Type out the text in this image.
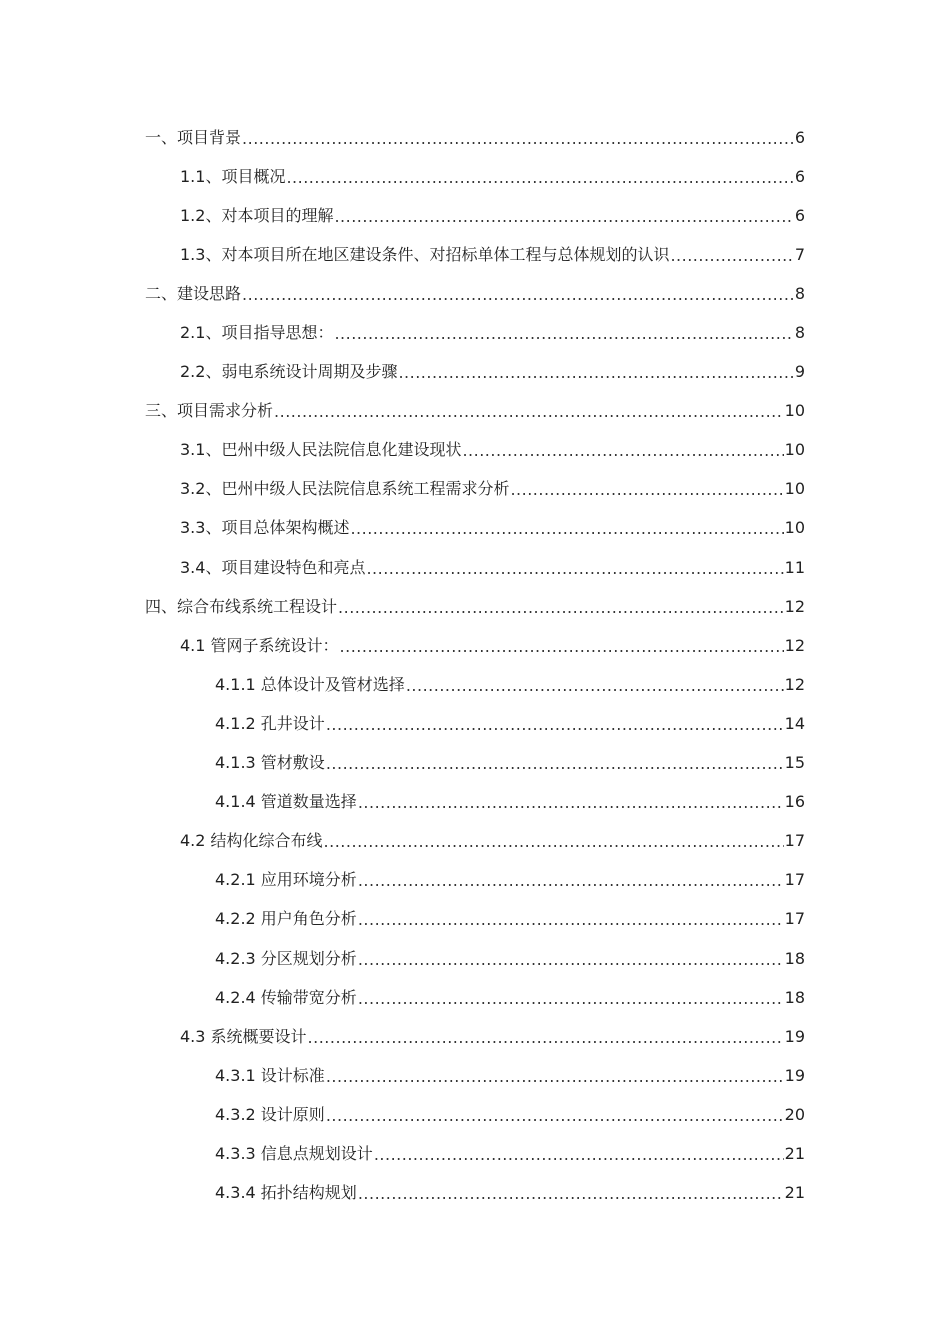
一、项目背景 .....	6
1.1、项目概况 .....	6
1.2、对本项目的理解 .....	6
1.3、对本项目所在地区建设条件、对招标单体工程与总体规划的认识 .....	7
二、建设思路 .....	8
2.1、项目指导思想： .....	8
2.2、弱电系统设计周期及步骤 .....	9
三、项目需求分析 .....	10
3.1、巴州中级人民法院信息化建设现状 .....	10
3.2、巴州中级人民法院信息系统工程需求分析 .....	10
3.3、项目总体架构概述 .....	10
3.4、项目建设特色和亮点 .....	11
四、综合布线系统工程设计 .....	12
4.1 管网子系统设计： .....	12
4.1.1 总体设计及管材选择 .....	12
4.1.2 孔井设计 .....	14
4.1.3 管材敷设 .....	15
4.1.4 管道数量选择 .....	16
4.2 结构化综合布线 .....	17
4.2.1 应用环境分析 .....	17
4.2.2 用户角色分析 .....	17
4.2.3 分区规划分析 .....	18
4.2.4 传输带宽分析 .....	18
4.3 系统概要设计 .....	19
4.3.1 设计标准 .....	19
4.3.2 设计原则 .....	20
4.3.3 信息点规划设计 .....	21
4.3.4 拓扑结构规划 .....	21
